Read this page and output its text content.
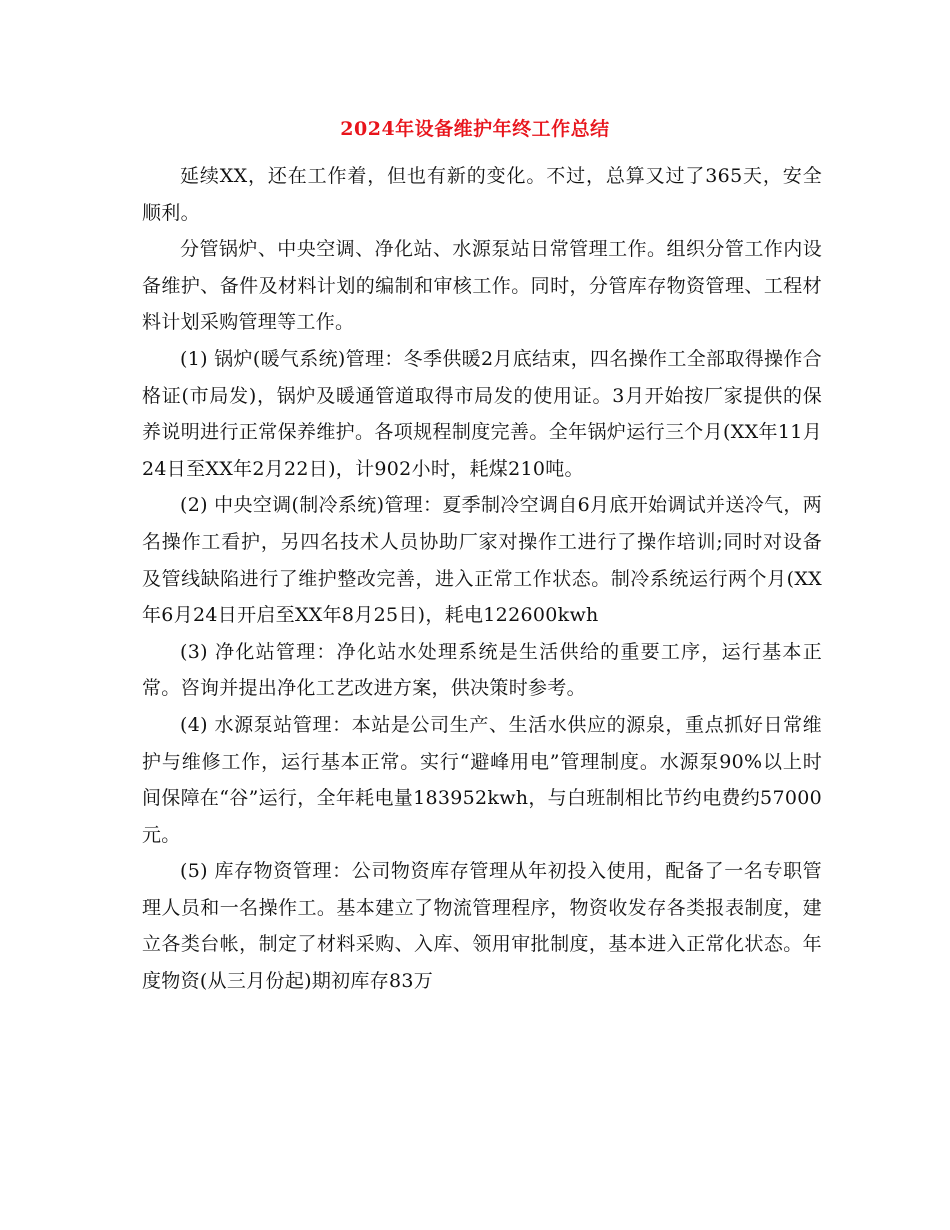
2024年设备维护年终工作总结

延续XX，还在工作着，但也有新的变化。不过，总算又过了365天，安全顺利。

分管锅炉、中央空调、净化站、水源泵站日常管理工作。组织分管工作内设备维护、备件及材料计划的编制和审核工作。同时，分管库存物资管理、工程材料计划采购管理等工作。

(1) 锅炉(暖气系统)管理：冬季供暖2月底结束，四名操作工全部取得操作合格证(市局发)，锅炉及暖通管道取得市局发的使用证。3月开始按厂家提供的保养说明进行正常保养维护。各项规程制度完善。全年锅炉运行三个月(XX年11月24日至XX年2月22日)，计902小时，耗煤210吨。

(2) 中央空调(制冷系统)管理：夏季制冷空调自6月底开始调试并送冷气，两名操作工看护，另四名技术人员协助厂家对操作工进行了操作培训;同时对设备及管线缺陷进行了维护整改完善，进入正常工作状态。制冷系统运行两个月(XX年6月24日开启至XX年8月25日)，耗电122600kwh

(3) 净化站管理：净化站水处理系统是生活供给的重要工序，运行基本正常。咨询并提出净化工艺改进方案，供决策时参考。

(4) 水源泵站管理：本站是公司生产、生活水供应的源泉，重点抓好日常维护与维修工作，运行基本正常。实行“避峰用电”管理制度。水源泵90%以上时间保障在“谷”运行，全年耗电量183952kwh，与白班制相比节约电费约57000元。

(5) 库存物资管理：公司物资库存管理从年初投入使用，配备了一名专职管理人员和一名操作工。基本建立了物流管理程序，物资收发存各类报表制度，建立各类台帐，制定了材料采购、入库、领用审批制度，基本进入正常化状态。年度物资(从三月份起)期初库存83万
